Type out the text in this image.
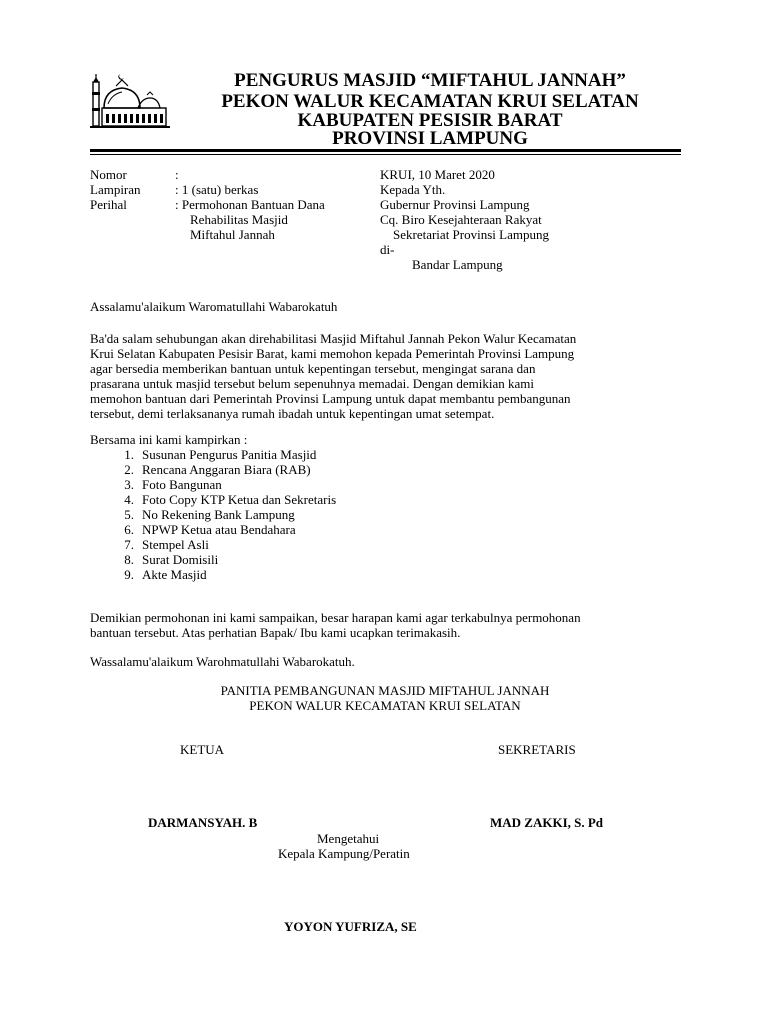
PENGURUS MASJID “MIFTAHUL JANNAH”
PEKON WALUR KECAMATAN KRUI SELATAN
KABUPATEN PESISIR BARAT
PROVINSI LAMPUNG
Nomor	:
Lampiran	: 1 (satu) berkas
Perihal	: Permohonan Bantuan Dana
Rehabilitas Masjid
Miftahul Jannah
KRUI, 10 Maret 2020
Kepada Yth.
Gubernur Provinsi Lampung
Cq. Biro Kesejahteraan Rakyat
Sekretariat Provinsi Lampung
di-
Bandar Lampung
Assalamu'alaikum Waromatullahi Wabarokatuh
Ba'da salam sehubungan akan direhabilitasi Masjid Miftahul Jannah Pekon Walur Kecamatan
Krui Selatan Kabupaten Pesisir Barat, kami memohon kepada Pemerintah Provinsi Lampung
agar bersedia memberikan bantuan untuk kepentingan tersebut, mengingat sarana dan
prasarana untuk masjid tersebut belum sepenuhnya memadai. Dengan demikian kami
memohon bantuan dari Pemerintah Provinsi Lampung untuk dapat membantu pembangunan
tersebut, demi terlaksananya rumah ibadah untuk kepentingan umat setempat.
Bersama ini kami kampirkan :
1. Susunan Pengurus Panitia Masjid
2. Rencana Anggaran Biara (RAB)
3. Foto Bangunan
4. Foto Copy KTP Ketua dan Sekretaris
5. No Rekening Bank Lampung
6. NPWP Ketua atau Bendahara
7. Stempel Asli
8. Surat Domisili
9. Akte Masjid
Demikian permohonan ini kami sampaikan, besar harapan kami agar terkabulnya permohonan
bantuan tersebut. Atas perhatian Bapak/ Ibu kami ucapkan terimakasih.
Wassalamu'alaikum Warohmatullahi Wabarokatuh.
PANITIA PEMBANGUNAN MASJID MIFTAHUL JANNAH
PEKON WALUR KECAMATAN KRUI SELATAN
KETUA	SEKRETARIS
DARMANSYAH. B	MAD ZAKKI, S. Pd
Mengetahui
Kepala Kampung/Peratin
YOYON YUFRIZA, SE
